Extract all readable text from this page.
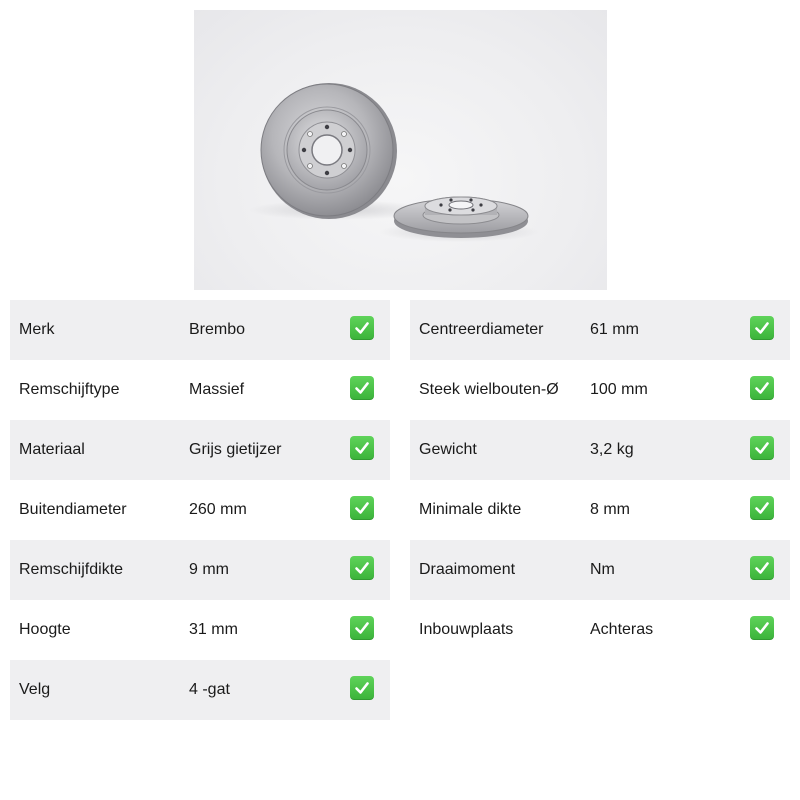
Merk	Brembo
Remschijftype	Massief
Materiaal	Grijs gietijzer
Buitendiameter	260 mm
Remschijfdikte	9 mm
Hoogte	31 mm
Velg	4 -gat
Centreerdiameter	61 mm
Steek wielbouten-Ø 100 mm
Gewicht	3,2 kg
Minimale dikte	8 mm
Draaimoment	Nm
Inbouwplaats	Achteras
